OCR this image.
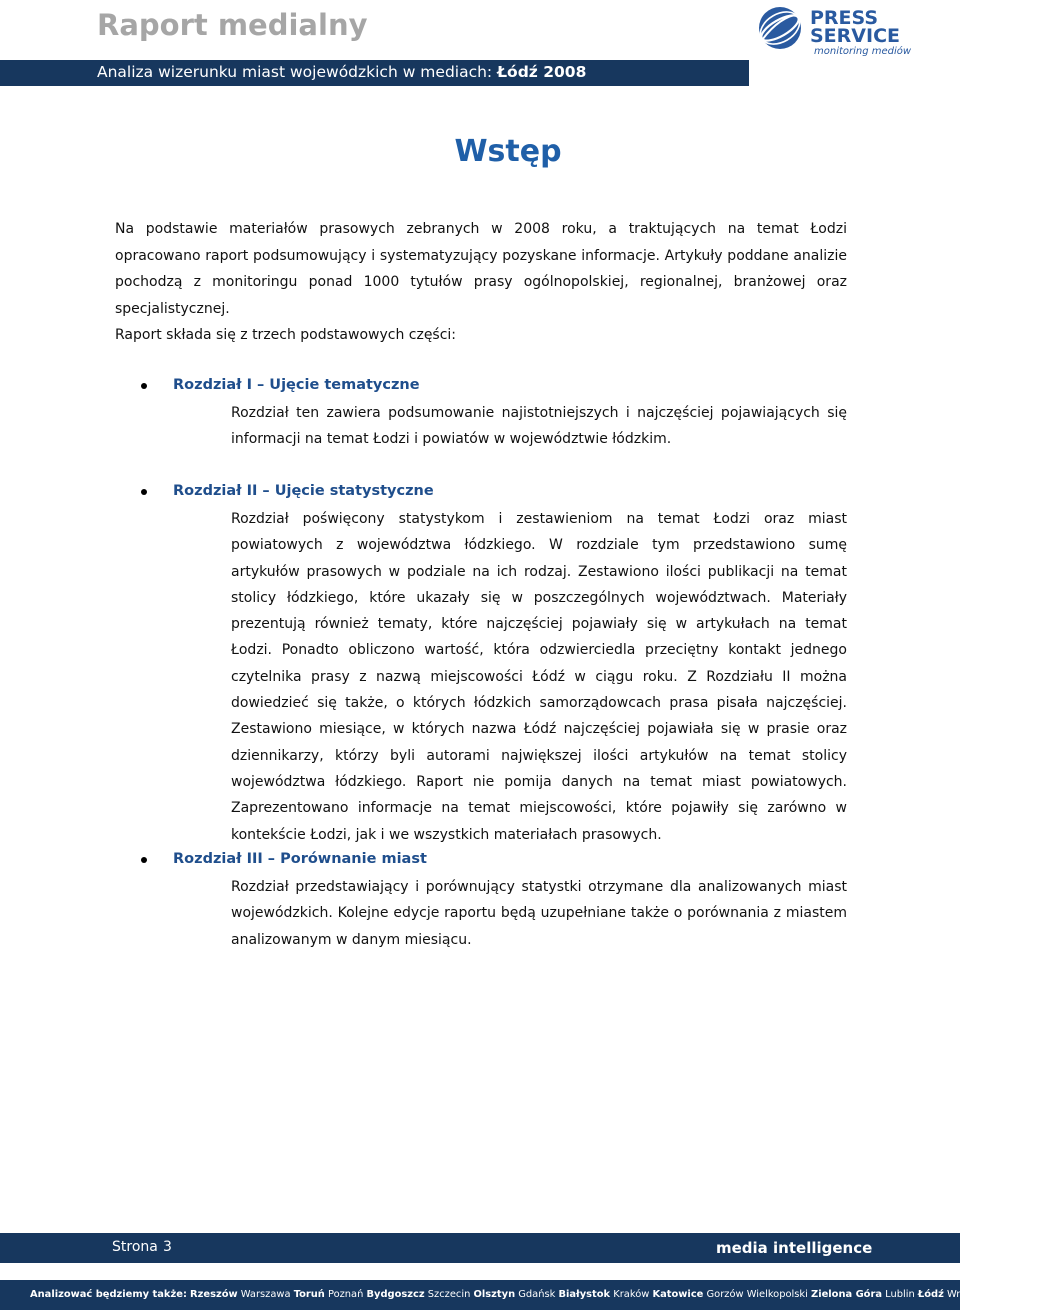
Raport medialny	PRESS
SERVICE
monitoring mediów
Analiza wizerunku miast wojewódzkich w mediach: Łódź 2008
Wstęp
Na podstawie materiałów prasowych zebranych w 2008 roku, a traktujących na temat Łodzi opracowano raport podsumowujący i systematyzujący pozyskane informacje. Artykuły poddane analizie pochodzą z monitoringu ponad 1000 tytułów prasy ogólnopolskiej, regionalnej, branżowej oraz specjalistycznej.
Raport składa się z trzech podstawowych części:
Rozdział I – Ujęcie tematyczne
Rozdział ten zawiera podsumowanie najistotniejszych i najczęściej pojawiających się informacji na temat Łodzi i powiatów w województwie łódzkim.
Rozdział II – Ujęcie statystyczne
Rozdział poświęcony statystykom i zestawieniom na temat Łodzi oraz miast powiatowych z województwa łódzkiego. W rozdziale tym przedstawiono sumę artykułów prasowych w podziale na ich rodzaj. Zestawiono ilości publikacji na temat stolicy łódzkiego, które ukazały się w poszczególnych województwach. Materiały prezentują również tematy, które najczęściej pojawiały się w artykułach na temat Łodzi. Ponadto obliczono wartość, która odzwierciedla przeciętny kontakt jednego czytelnika prasy z nazwą miejscowości Łódź w ciągu roku. Z Rozdziału II można dowiedzieć się także, o których łódzkich samorządowcach prasa pisała najczęściej. Zestawiono miesiące, w których nazwa Łódź najczęściej pojawiała się w prasie oraz dziennikarzy, którzy byli autorami największej ilości artykułów na temat stolicy województwa łódzkiego. Raport nie pomija danych na temat miast powiatowych. Zaprezentowano informacje na temat miejscowości, które pojawiły się zarówno w kontekście Łodzi, jak i we wszystkich materiałach prasowych.
Rozdział III – Porównanie miast
Rozdział przedstawiający i porównujący statystki otrzymane dla analizowanych miast wojewódzkich. Kolejne edycje raportu będą uzupełniane także o porównania z miastem analizowanym w danym miesiącu.
Strona 3	media intelligence
Analizować będziemy także: Rzeszów Warszawa Toruń Poznań Bydgoszcz Szczecin Olsztyn Gdańsk Białystok Kraków Katowice Gorzów Wielkopolski Zielona Góra Lublin Łódź Wrocław Opole Kielce
